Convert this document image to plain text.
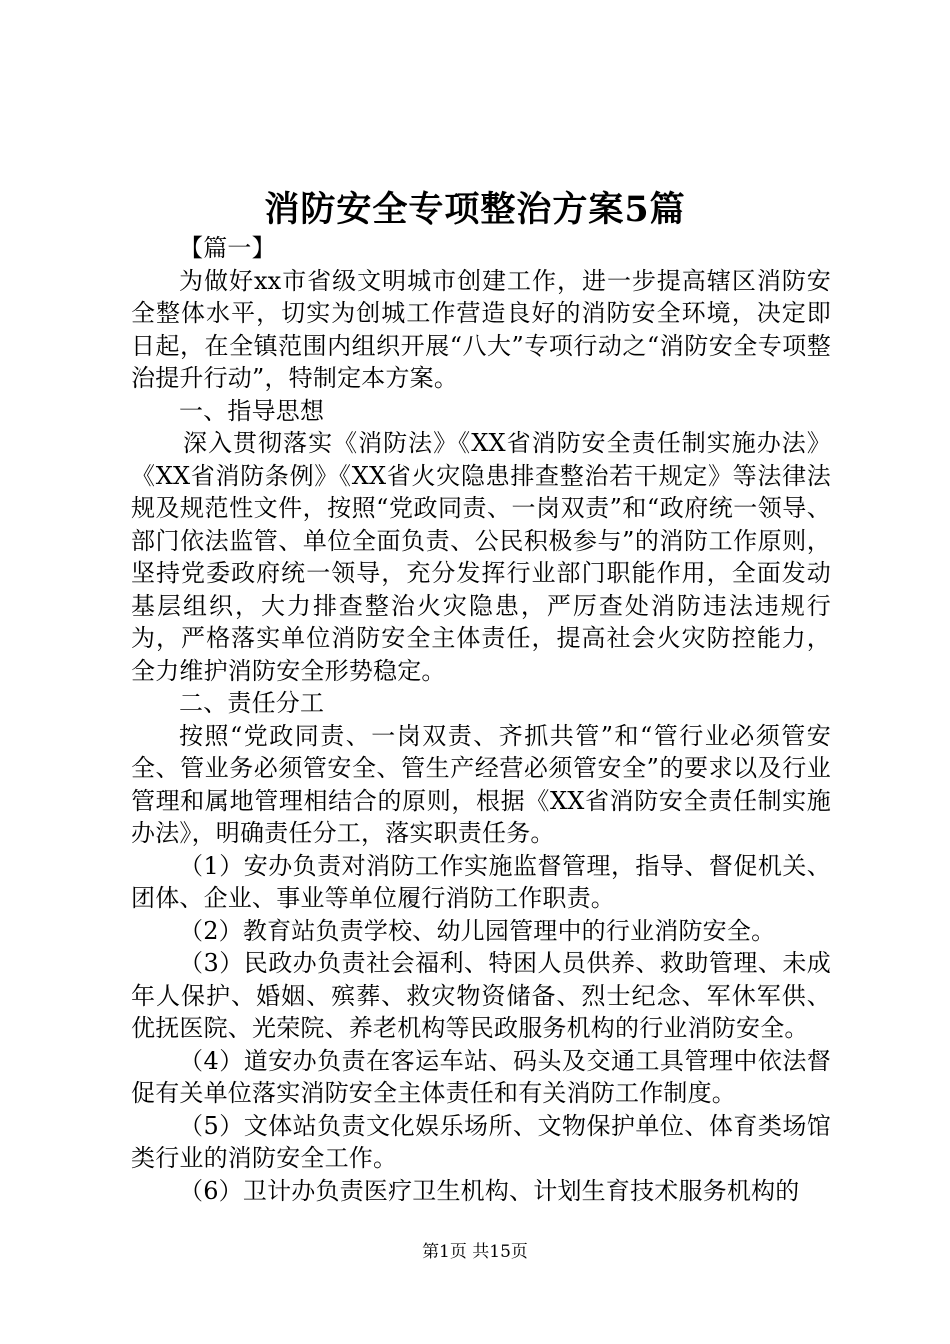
消防安全专项整治方案5篇

【篇一】

为做好xx市省级文明城市创建工作，进一步提高辖区消防安全整体水平，切实为创城工作营造良好的消防安全环境，决定即日起，在全镇范围内组织开展“八大”专项行动之“消防安全专项整治提升行动”，特制定本方案。

一、指导思想

深入贯彻落实《消防法》《XX省消防安全责任制实施办法》《XX省消防条例》《XX省火灾隐患排查整治若干规定》等法律法规及规范性文件，按照“党政同责、一岗双责”和“政府统一领导、部门依法监管、单位全面负责、公民积极参与”的消防工作原则，坚持党委政府统一领导，充分发挥行业部门职能作用，全面发动基层组织，大力排查整治火灾隐患，严厉查处消防违法违规行为，严格落实单位消防安全主体责任，提高社会火灾防控能力，全力维护消防安全形势稳定。

二、责任分工

按照“党政同责、一岗双责、齐抓共管”和“管行业必须管安全、管业务必须管安全、管生产经营必须管安全”的要求以及行业管理和属地管理相结合的原则，根据《XX省消防安全责任制实施办法》，明确责任分工，落实职责任务。

（1）安办负责对消防工作实施监督管理，指导、督促机关、团体、企业、事业等单位履行消防工作职责。

（2）教育站负责学校、幼儿园管理中的行业消防安全。

（3）民政办负责社会福利、特困人员供养、救助管理、未成年人保护、婚姻、殡葬、救灾物资储备、烈士纪念、军休军供、优抚医院、光荣院、养老机构等民政服务机构的行业消防安全。

（4）道安办负责在客运车站、码头及交通工具管理中依法督促有关单位落实消防安全主体责任和有关消防工作制度。

（5）文体站负责文化娱乐场所、文物保护单位、体育类场馆类行业的消防安全工作。

（6）卫计办负责医疗卫生机构、计划生育技术服务机构的

第1页 共15页
